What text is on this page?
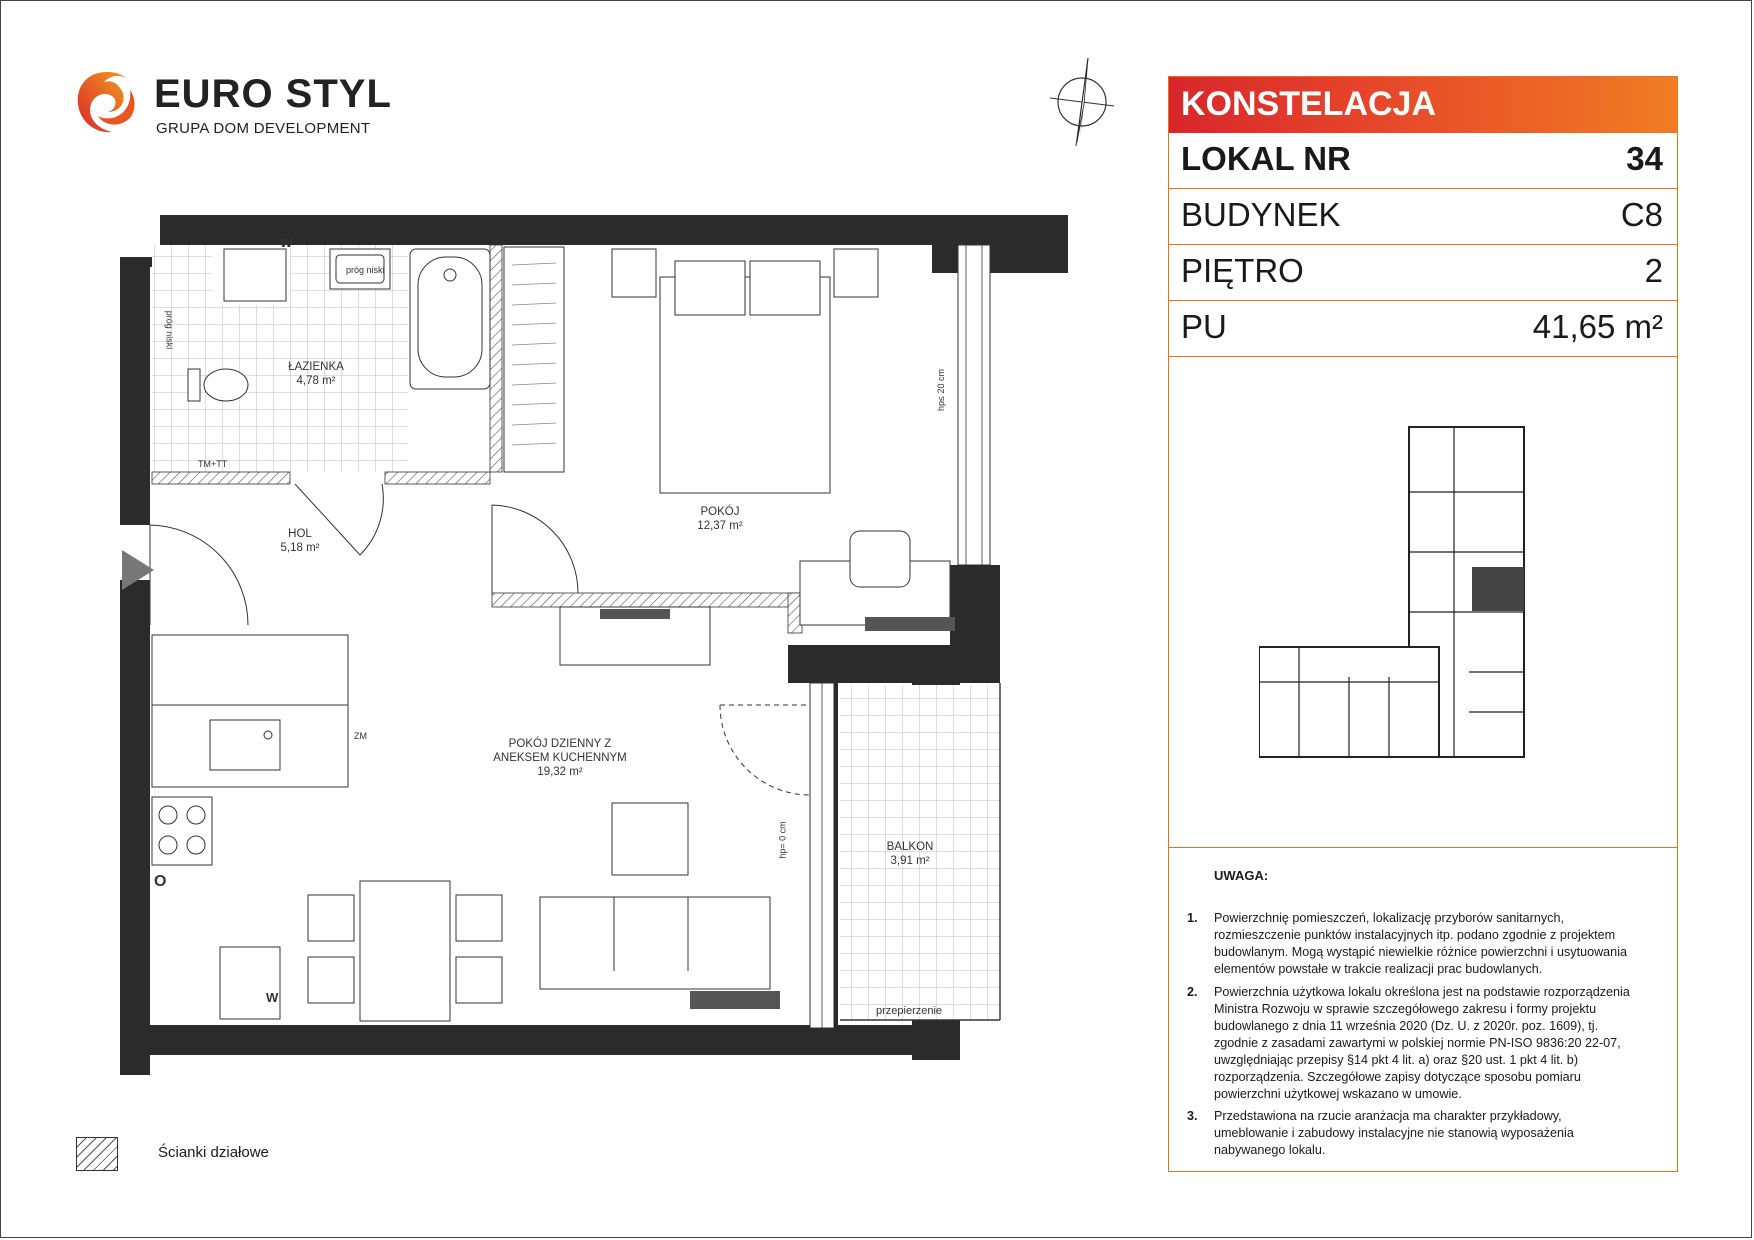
EURO STYL
GRUPA DOM DEVELOPMENT
ŁAZIENKA
4,78 m²
HOL
5,18 m²
POKÓJ
12,37 m²
POKÓJ DZIENNY Z
ANEKSEM KUCHENNYM
19,32 m²
BALKON
3,91 m²
próg niski
próg niski
TM+TT
ZM
hp≤ 20 cm
hp= 0 cm
przepierzenie
W
W
O
KONSTELACJA
LOKAL NR	34
BUDYNEK	C8
PIĘTRO	2
PU	41,65 m²
UWAGA:
1. Powierzchnię pomieszczeń, lokalizację przyborów sanitarnych, rozmieszczenie punktów instalacyjnych itp. podano zgodnie z projektem budowlanym. Mogą wystąpić niewielkie różnice powierzchni i usytuowania elementów powstałe w trakcie realizacji prac budowlanych.
2. Powierzchnia użytkowa lokalu określona jest na podstawie rozporządzenia Ministra Rozwoju w sprawie szczegółowego zakresu i formy projektu budowlanego z dnia 11 września 2020 (Dz. U. z 2020r. poz. 1609), tj. zgodnie z zasadami zawartymi w polskiej normie PN-ISO 9836:20 22-07, uwzględniając przepisy §14 pkt 4 lit. a) oraz §20 ust. 1 pkt 4 lit. b) rozporządzenia. Szczegółowe zapisy dotyczące sposobu pomiaru powierzchni użytkowej wskazano w umowie.
3. Przedstawiona na rzucie aranżacja ma charakter przykładowy, umeblowanie i zabudowy instalacyjne nie stanowią wyposażenia nabywanego lokalu.
Ścianki działowe
